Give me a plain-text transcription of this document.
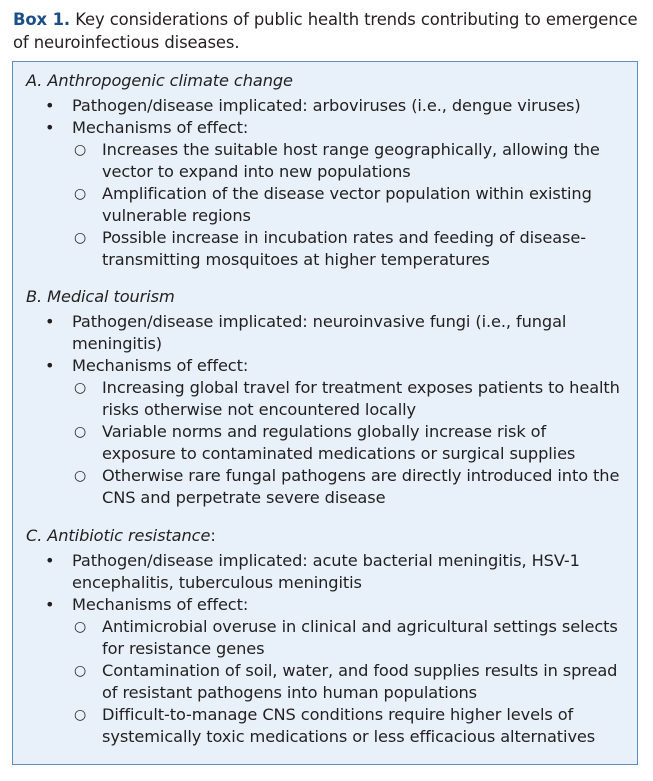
Box 1. Key considerations of public health trends contributing to emergence of neuroinfectious diseases.

A. Anthropogenic climate change

• Pathogen/disease implicated: arboviruses (i.e., dengue viruses)
• Mechanisms of effect:
○ Increases the suitable host range geographically, allowing the vector to expand into new populations
○ Amplification of the disease vector population within existing vulnerable regions
○ Possible increase in incubation rates and feeding of disease-transmitting mosquitoes at higher temperatures

B. Medical tourism

• Pathogen/disease implicated: neuroinvasive fungi (i.e., fungal meningitis)
• Mechanisms of effect:
○ Increasing global travel for treatment exposes patients to health risks otherwise not encountered locally
○ Variable norms and regulations globally increase risk of exposure to contaminated medications or surgical supplies
○ Otherwise rare fungal pathogens are directly introduced into the CNS and perpetrate severe disease

C. Antibiotic resistance:

• Pathogen/disease implicated: acute bacterial meningitis, HSV-1 encephalitis, tuberculous meningitis
• Mechanisms of effect:
○ Antimicrobial overuse in clinical and agricultural settings selects for resistance genes
○ Contamination of soil, water, and food supplies results in spread of resistant pathogens into human populations
○ Difficult-to-manage CNS conditions require higher levels of systemically toxic medications or less efficacious alternatives
